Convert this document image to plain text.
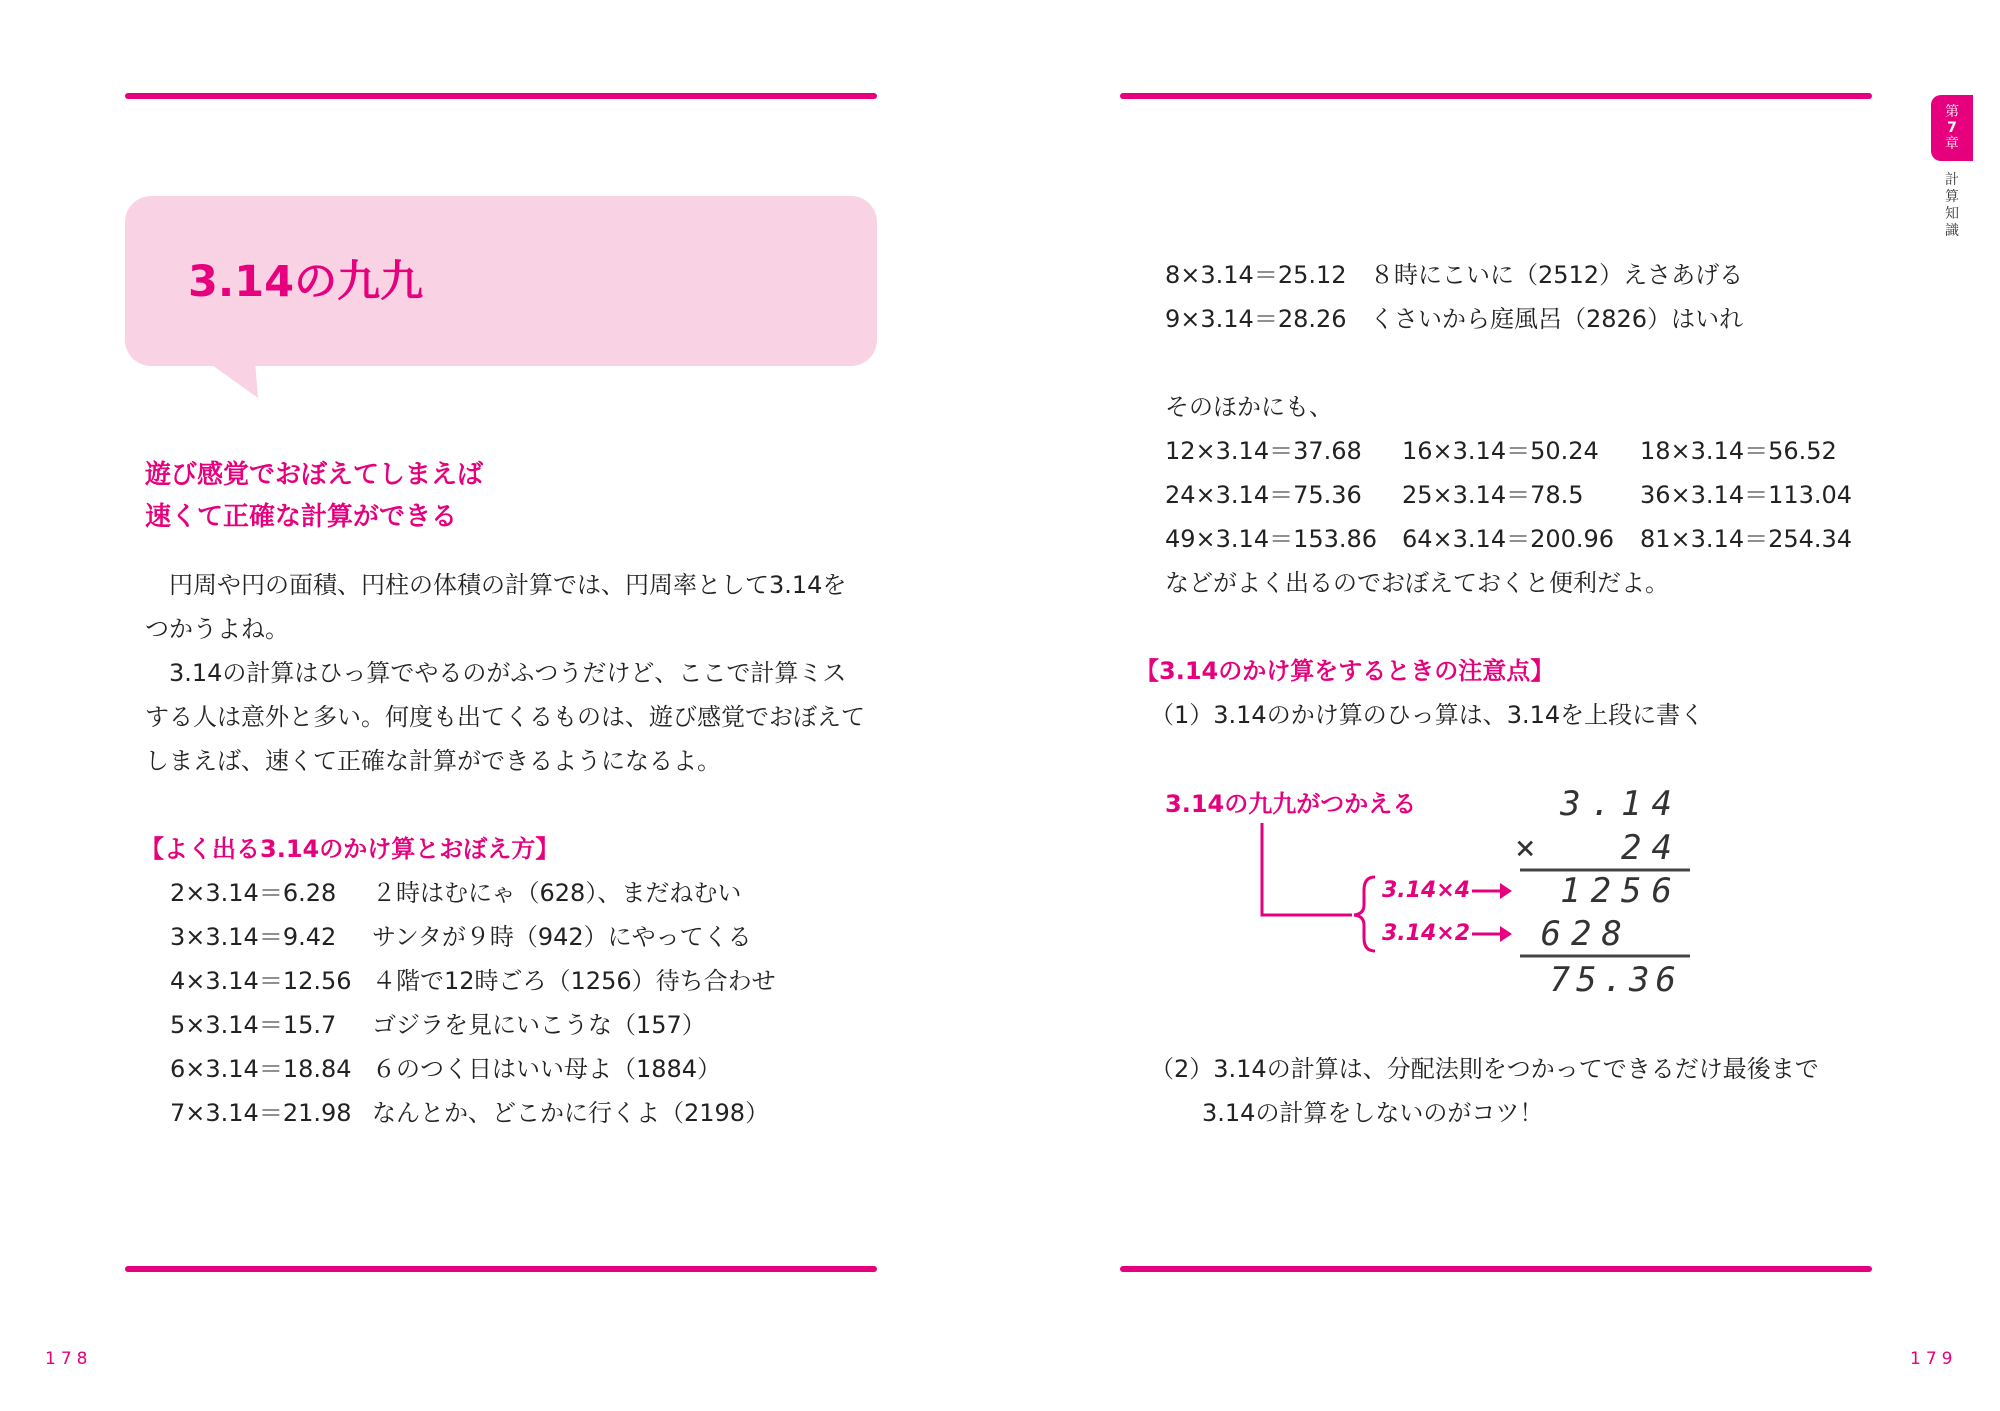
3.14の九九
遊び感覚でおぼえてしまえば
速くて正確な計算ができる
　円周や円の面積、円柱の体積の計算では、円周率として3.14を
つかうよね。
　3.14の計算はひっ算でやるのがふつうだけど、ここで計算ミス
する人は意外と多い。何度も出てくるものは、遊び感覚でおぼえて
しまえば、速くて正確な計算ができるようになるよ。
【よく出る3.14のかけ算とおぼえ方】
2×3.14＝6.28 ２時はむにゃ（628）、まだねむい
3×3.14＝9.42 サンタが９時（942）にやってくる
4×3.14＝12.56 ４階で12時ごろ（1256）待ち合わせ
5×3.14＝15.7 ゴジラを見にいこうな（157）
6×3.14＝18.84 ６のつく日はいい母よ（1884）
7×3.14＝21.98 なんとか、どこかに行くよ（2198）
178
第
7
章
計算知識
8×3.14＝25.12 ８時にこいに（2512）えさあげる
9×3.14＝28.26 くさいから庭風呂（2826）はいれ
そのほかにも、
12×3.14＝37.68 16×3.14＝50.24 18×3.14＝56.52
24×3.14＝75.36 25×3.14＝78.5 36×3.14＝113.04
49×3.14＝153.86 64×3.14＝200.96 81×3.14＝254.34
などがよく出るのでおぼえておくと便利だよ。
【3.14のかけ算をするときの注意点】
（1）3.14のかけ算のひっ算は、3.14を上段に書く
3.14の九九がつかえる
3.14×4
3.14×2
3.14
×	24
1256
628
75.36
（2）3.14の計算は、分配法則をつかってできるだけ最後まで
3.14の計算をしないのがコツ！
179
